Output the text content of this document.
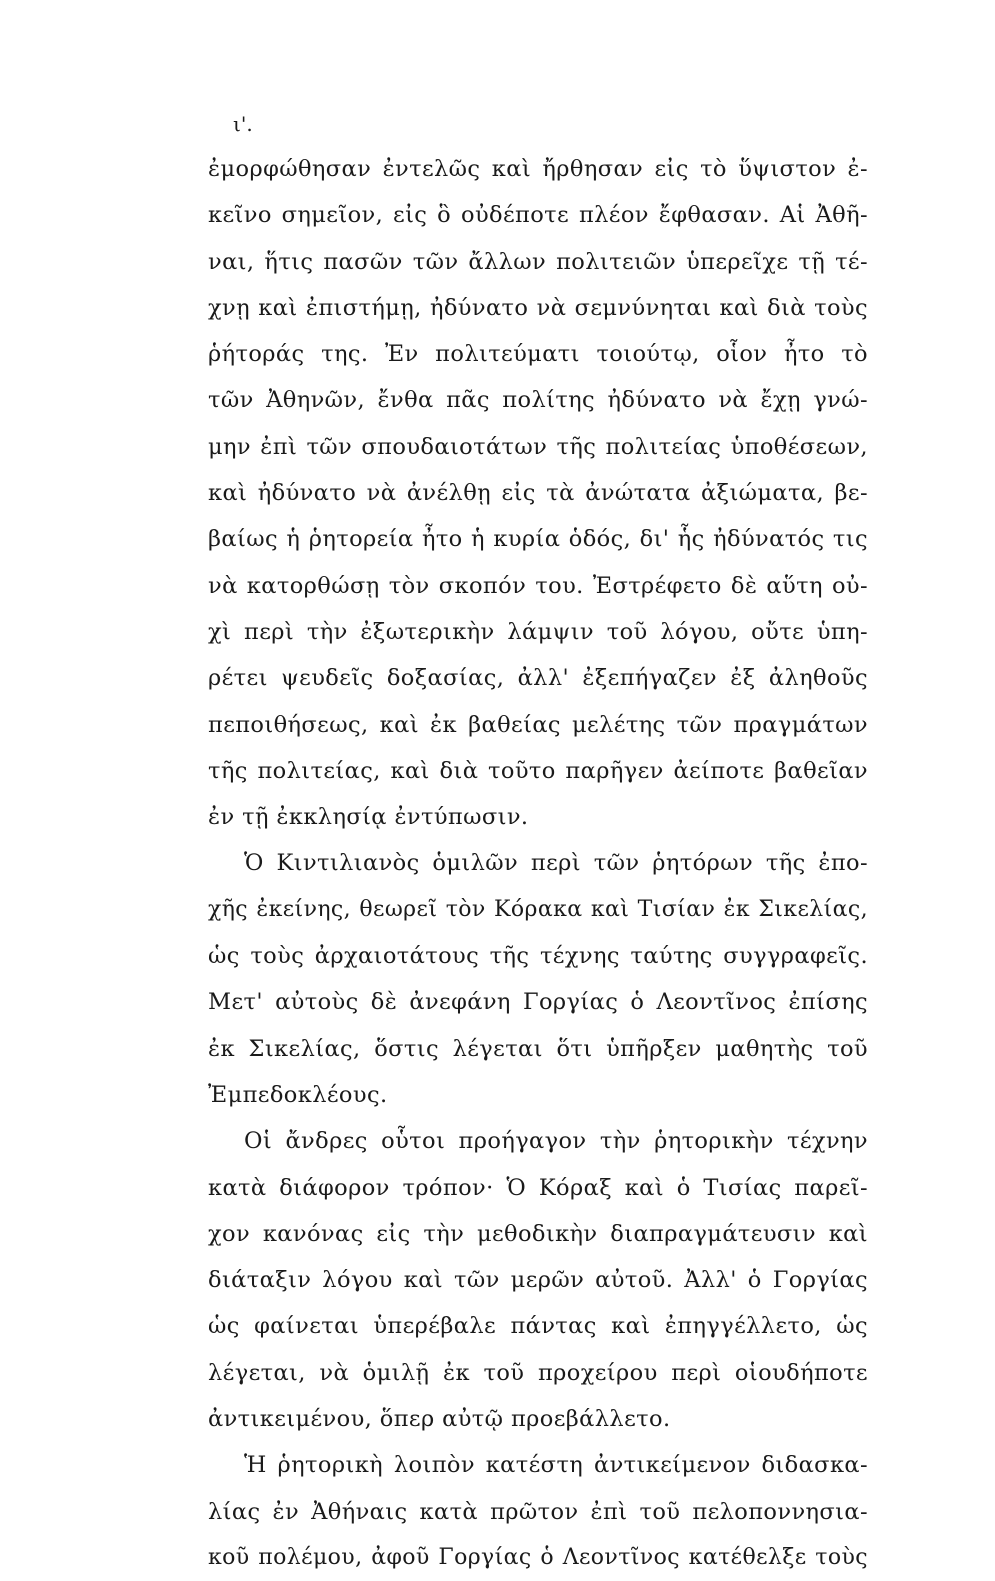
ι'.
ἐμορφώθησαν ἐντελῶς καὶ ἤρθησαν εἰς τὸ ὕψιστον ἐ-
κεῖνο σημεῖον, εἰς ὃ οὐδέποτε πλέον ἔφθασαν. Αἱ Ἀθῆ-
ναι, ἥτις πασῶν τῶν ἄλλων πολιτειῶν ὑπερεῖχε τῇ τέ-
χνῃ καὶ ἐπιστήμῃ, ἠδύνατο νὰ σεμνύνηται καὶ διὰ τοὺς
ῥήτοράς της. Ἐν πολιτεύματι τοιούτῳ, οἷον ἦτο τὸ
τῶν Ἀθηνῶν, ἔνθα πᾶς πολίτης ἠδύνατο νὰ ἔχῃ γνώ-
μην ἐπὶ τῶν σπουδαιοτάτων τῆς πολιτείας ὑποθέσεων,
καὶ ἠδύνατο νὰ ἀνέλθῃ εἰς τὰ ἀνώτατα ἀξιώματα, βε-
βαίως ἡ ῥητορεία ἦτο ἡ κυρία ὁδός, δι' ἧς ἠδύνατός τις
νὰ κατορθώσῃ τὸν σκοπόν του. Ἐστρέφετο δὲ αὕτη οὐ-
χὶ περὶ τὴν ἐξωτερικὴν λάμψιν τοῦ λόγου, οὔτε ὑπη-
ρέτει ψευδεῖς δοξασίας, ἀλλ' ἐξεπήγαζεν ἐξ ἀληθοῦς
πεποιθήσεως, καὶ ἐκ βαθείας μελέτης τῶν πραγμάτων
τῆς πολιτείας, καὶ διὰ τοῦτο παρῆγεν ἀείποτε βαθεῖαν
ἐν τῇ ἐκκλησίᾳ ἐντύπωσιν.
Ὁ Κιντιλιανὸς ὁμιλῶν περὶ τῶν ῥητόρων τῆς ἐπο-
χῆς ἐκείνης, θεωρεῖ τὸν Κόρακα καὶ Τισίαν ἐκ Σικελίας,
ὡς τοὺς ἀρχαιοτάτους τῆς τέχνης ταύτης συγγραφεῖς.
Μετ' αὐτοὺς δὲ ἀνεφάνη Γοργίας ὁ Λεοντῖνος ἐπίσης
ἐκ Σικελίας, ὅστις λέγεται ὅτι ὑπῆρξεν μαθητὴς τοῦ
Ἐμπεδοκλέους.
Οἱ ἄνδρες οὗτοι προήγαγον τὴν ῥητορικὴν τέχνην
κατὰ διάφορον τρόπον· Ὁ Κόραξ καὶ ὁ Τισίας παρεῖ-
χον κανόνας εἰς τὴν μεθοδικὴν διαπραγμάτευσιν καὶ
διάταξιν λόγου καὶ τῶν μερῶν αὐτοῦ. Ἀλλ' ὁ Γοργίας
ὡς φαίνεται ὑπερέβαλε πάντας καὶ ἐπηγγέλλετο, ὡς
λέγεται, νὰ ὁμιλῇ ἐκ τοῦ προχείρου περὶ οἱουδήποτε
ἀντικειμένου, ὅπερ αὐτῷ προεβάλλετο.
Ἡ ῥητορικὴ λοιπὸν κατέστη ἀντικείμενον διδασκα-
λίας ἐν Ἀθήναις κατὰ πρῶτον ἐπὶ τοῦ πελοποννησια-
κοῦ πολέμου, ἀφοῦ Γοργίας ὁ Λεοντῖνος κατέθελξε τοὺς
